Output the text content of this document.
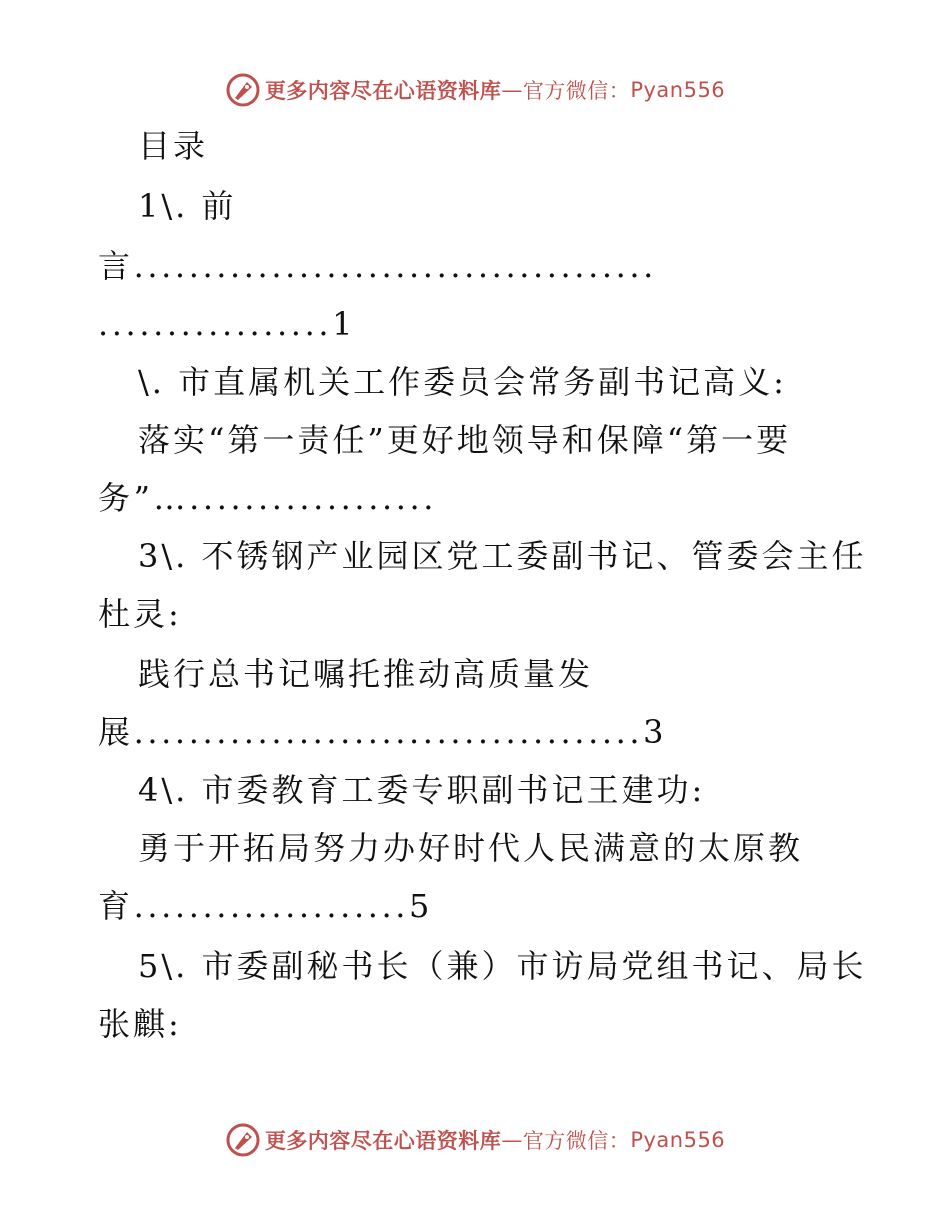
更多内容尽在心语资料库 — 官方微信： Pyan556
目录
1\. 前
言......................................
.................1
\. 市直属机关工作委员会常务副书记高义:
落实“第一责任”更好地领导和保障“第一要
务”…..................
3\. 不锈钢产业园区党工委副书记、管委会主任
杜灵:
践行总书记嘱托推动高质量发
展.....................................3
4\. 市委教育工委专职副书记王建功:
勇于开拓局努力办好时代人民满意的太原教
育....................5
5\. 市委副秘书长（兼）市访局党组书记、局长
张麒:
更多内容尽在心语资料库 — 官方微信： Pyan556
